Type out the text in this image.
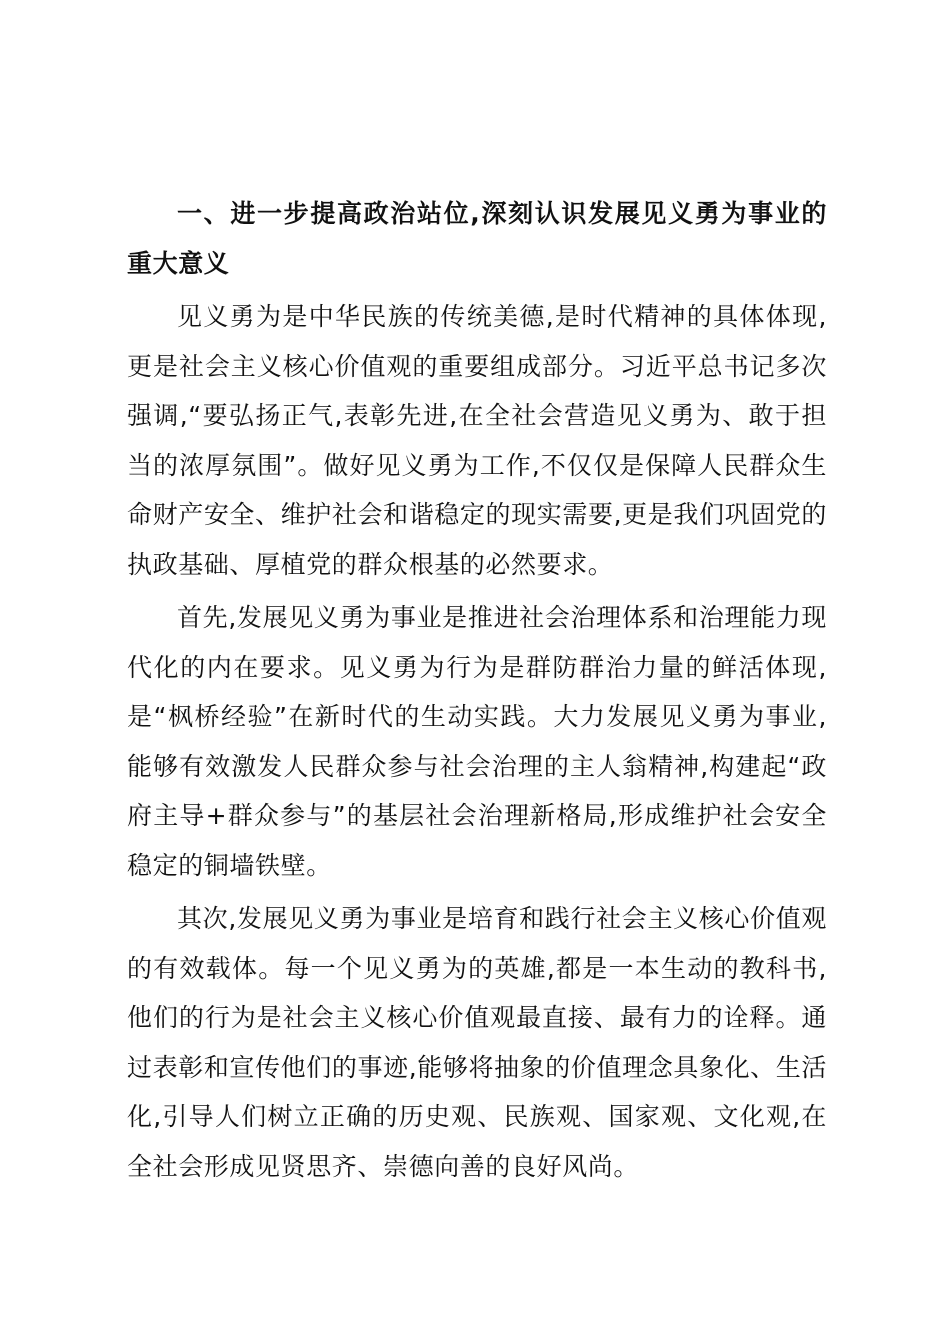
一、进一步提高政治站位,深刻认识发展见义勇为事业的重大意义

见义勇为是中华民族的传统美德,是时代精神的具体体现,更是社会主义核心价值观的重要组成部分。习近平总书记多次强调,“要弘扬正气,表彰先进,在全社会营造见义勇为、敢于担当的浓厚氛围”。做好见义勇为工作,不仅仅是保障人民群众生命财产安全、维护社会和谐稳定的现实需要,更是我们巩固党的执政基础、厚植党的群众根基的必然要求。

首先,发展见义勇为事业是推进社会治理体系和治理能力现代化的内在要求。见义勇为行为是群防群治力量的鲜活体现,是“枫桥经验”在新时代的生动实践。大力发展见义勇为事业,能够有效激发人民群众参与社会治理的主人翁精神,构建起“政府主导+群众参与”的基层社会治理新格局,形成维护社会安全稳定的铜墙铁壁。

其次,发展见义勇为事业是培育和践行社会主义核心价值观的有效载体。每一个见义勇为的英雄,都是一本生动的教科书,他们的行为是社会主义核心价值观最直接、最有力的诠释。通过表彰和宣传他们的事迹,能够将抽象的价值理念具象化、生活化,引导人们树立正确的历史观、民族观、国家观、文化观,在全社会形成见贤思齐、崇德向善的良好风尚。
